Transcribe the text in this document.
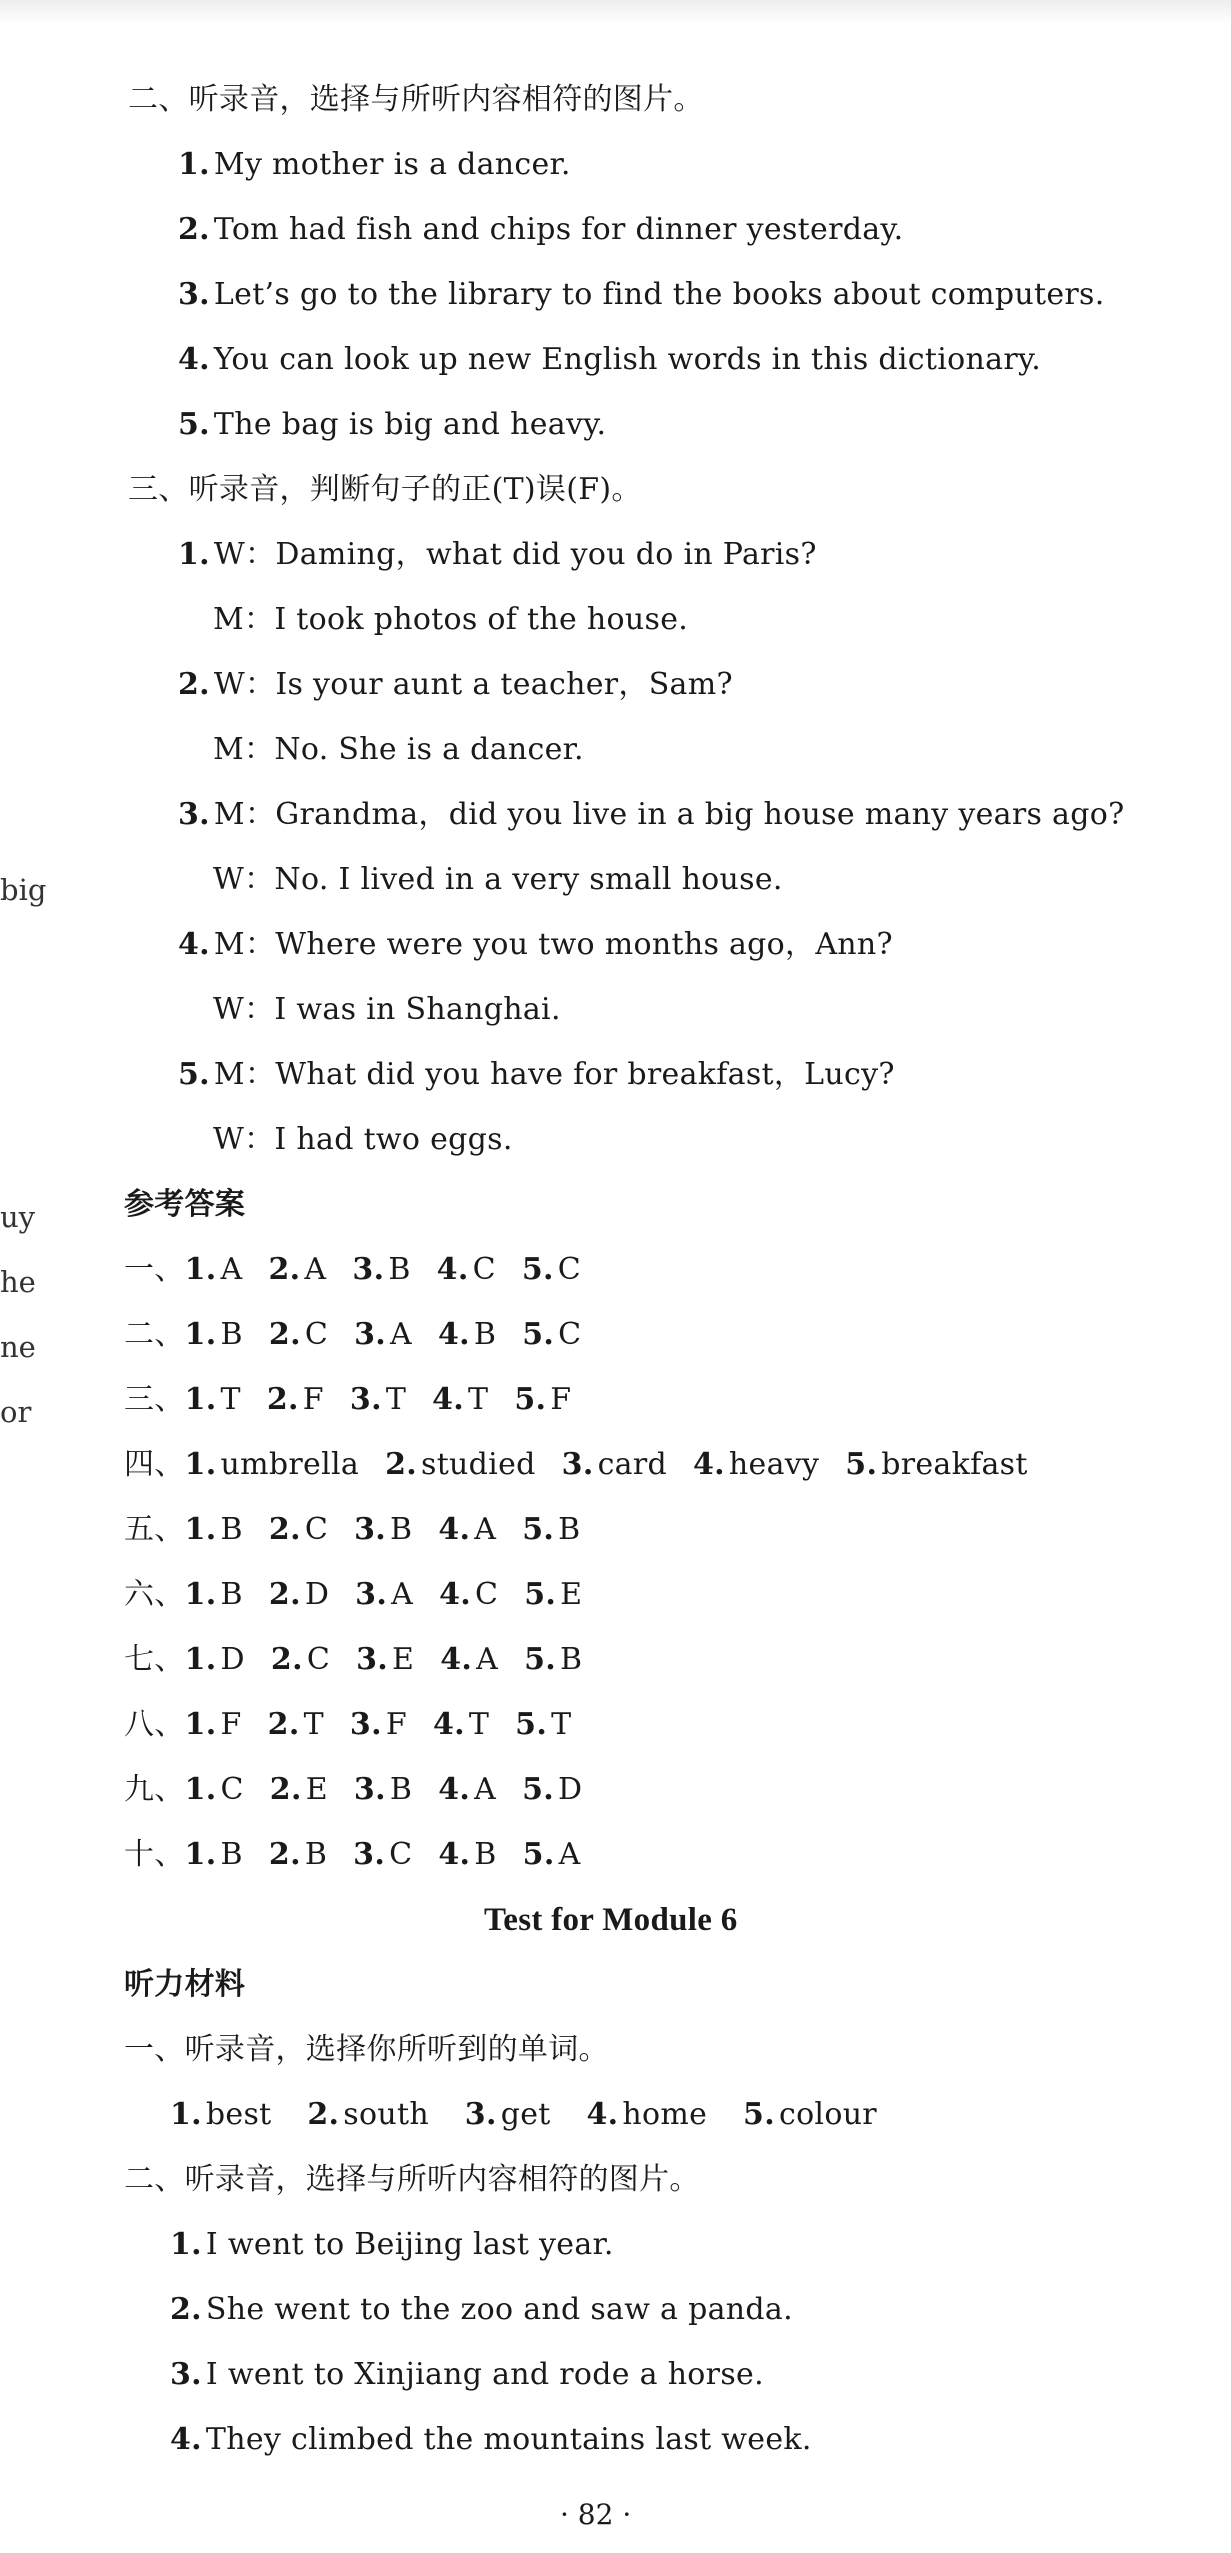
big
uy
he
ne
or
二、听录音，选择与所听内容相符的图片。
1. My mother is a dancer.
2. Tom had fish and chips for dinner yesterday.
3. Let’s go to the library to find the books about computers.
4. You can look up new English words in this dictionary.
5. The bag is big and heavy.
三、听录音，判断句子的正(T)误(F)。
1. W：Daming，what did you do in Paris?
M：I took photos of the house.
2. W：Is your aunt a teacher，Sam?
M：No. She is a dancer.
3. M：Grandma，did you live in a big house many years ago?
W：No. I lived in a very small house.
4. M：Where were you two months ago，Ann?
W：I was in Shanghai.
5. M：What did you have for breakfast，Lucy?
W：I had two eggs.
参考答案
一、1. A 2. A 3. B 4. C 5. C
二、1. B 2. C 3. A 4. B 5. C
三、1. T 2. F 3. T 4. T 5. F
四、1. umbrella 2. studied 3. card 4. heavy 5. breakfast
五、1. B 2. C 3. B 4. A 5. B
六、1. B 2. D 3. A 4. C 5. E
七、1. D 2. C 3. E 4. A 5. B
八、1. F 2. T 3. F 4. T 5. T
九、1. C 2. E 3. B 4. A 5. D
十、1. B 2. B 3. C 4. B 5. A
Test for Module 6
听力材料
一、听录音，选择你所听到的单词。
1. best 2. south 3. get 4. home 5. colour
二、听录音，选择与所听内容相符的图片。
1. I went to Beijing last year.
2. She went to the zoo and saw a panda.
3. I went to Xinjiang and rode a horse.
4. They climbed the mountains last week.
· 82 ·
